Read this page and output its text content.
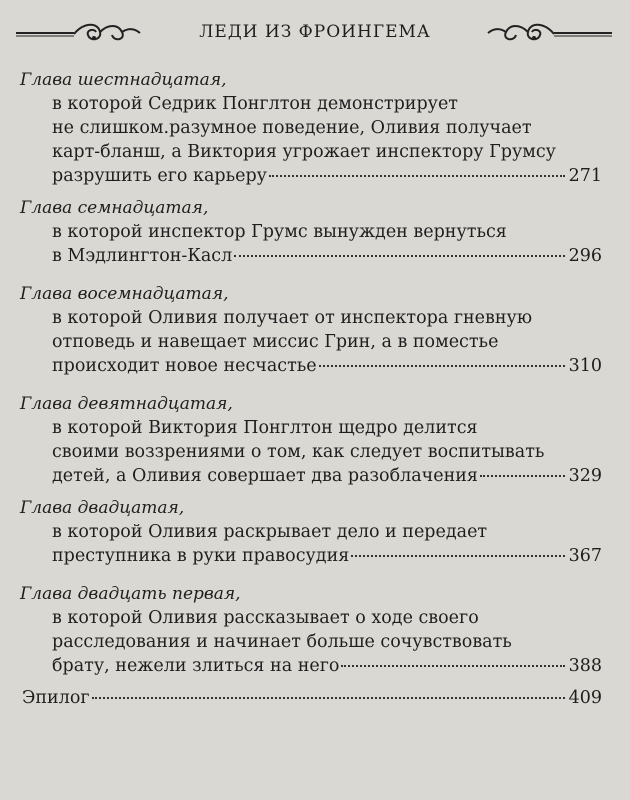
ЛЕДИ ИЗ ФРОИНГЕМА
Глава шестнадцатая,
в которой Седрик Понглтон демонстрирует
не слишком.разумное поведение, Оливия получает
карт-бланш, а Виктория угрожает инспектору Грумсу
разрушить его карьеру	271
Глава семнадцатая,
в которой инспектор Грумс вынужден вернуться
в Мэдлингтон-Касл	296
Глава восемнадцатая,
в которой Оливия получает от инспектора гневную
отповедь и навещает миссис Грин, а в поместье
происходит новое несчастье	310
Глава девятнадцатая,
в которой Виктория Понглтон щедро делится
своими воззрениями о том, как следует воспитывать
детей, а Оливия совершает два разоблачения	329
Глава двадцатая,
в которой Оливия раскрывает дело и передает
преступника в руки правосудия	367
Глава двадцать первая,
в которой Оливия рассказывает о ходе своего
расследования и начинает больше сочувствовать
брату, нежели злиться на него	388
Эпилог	409
